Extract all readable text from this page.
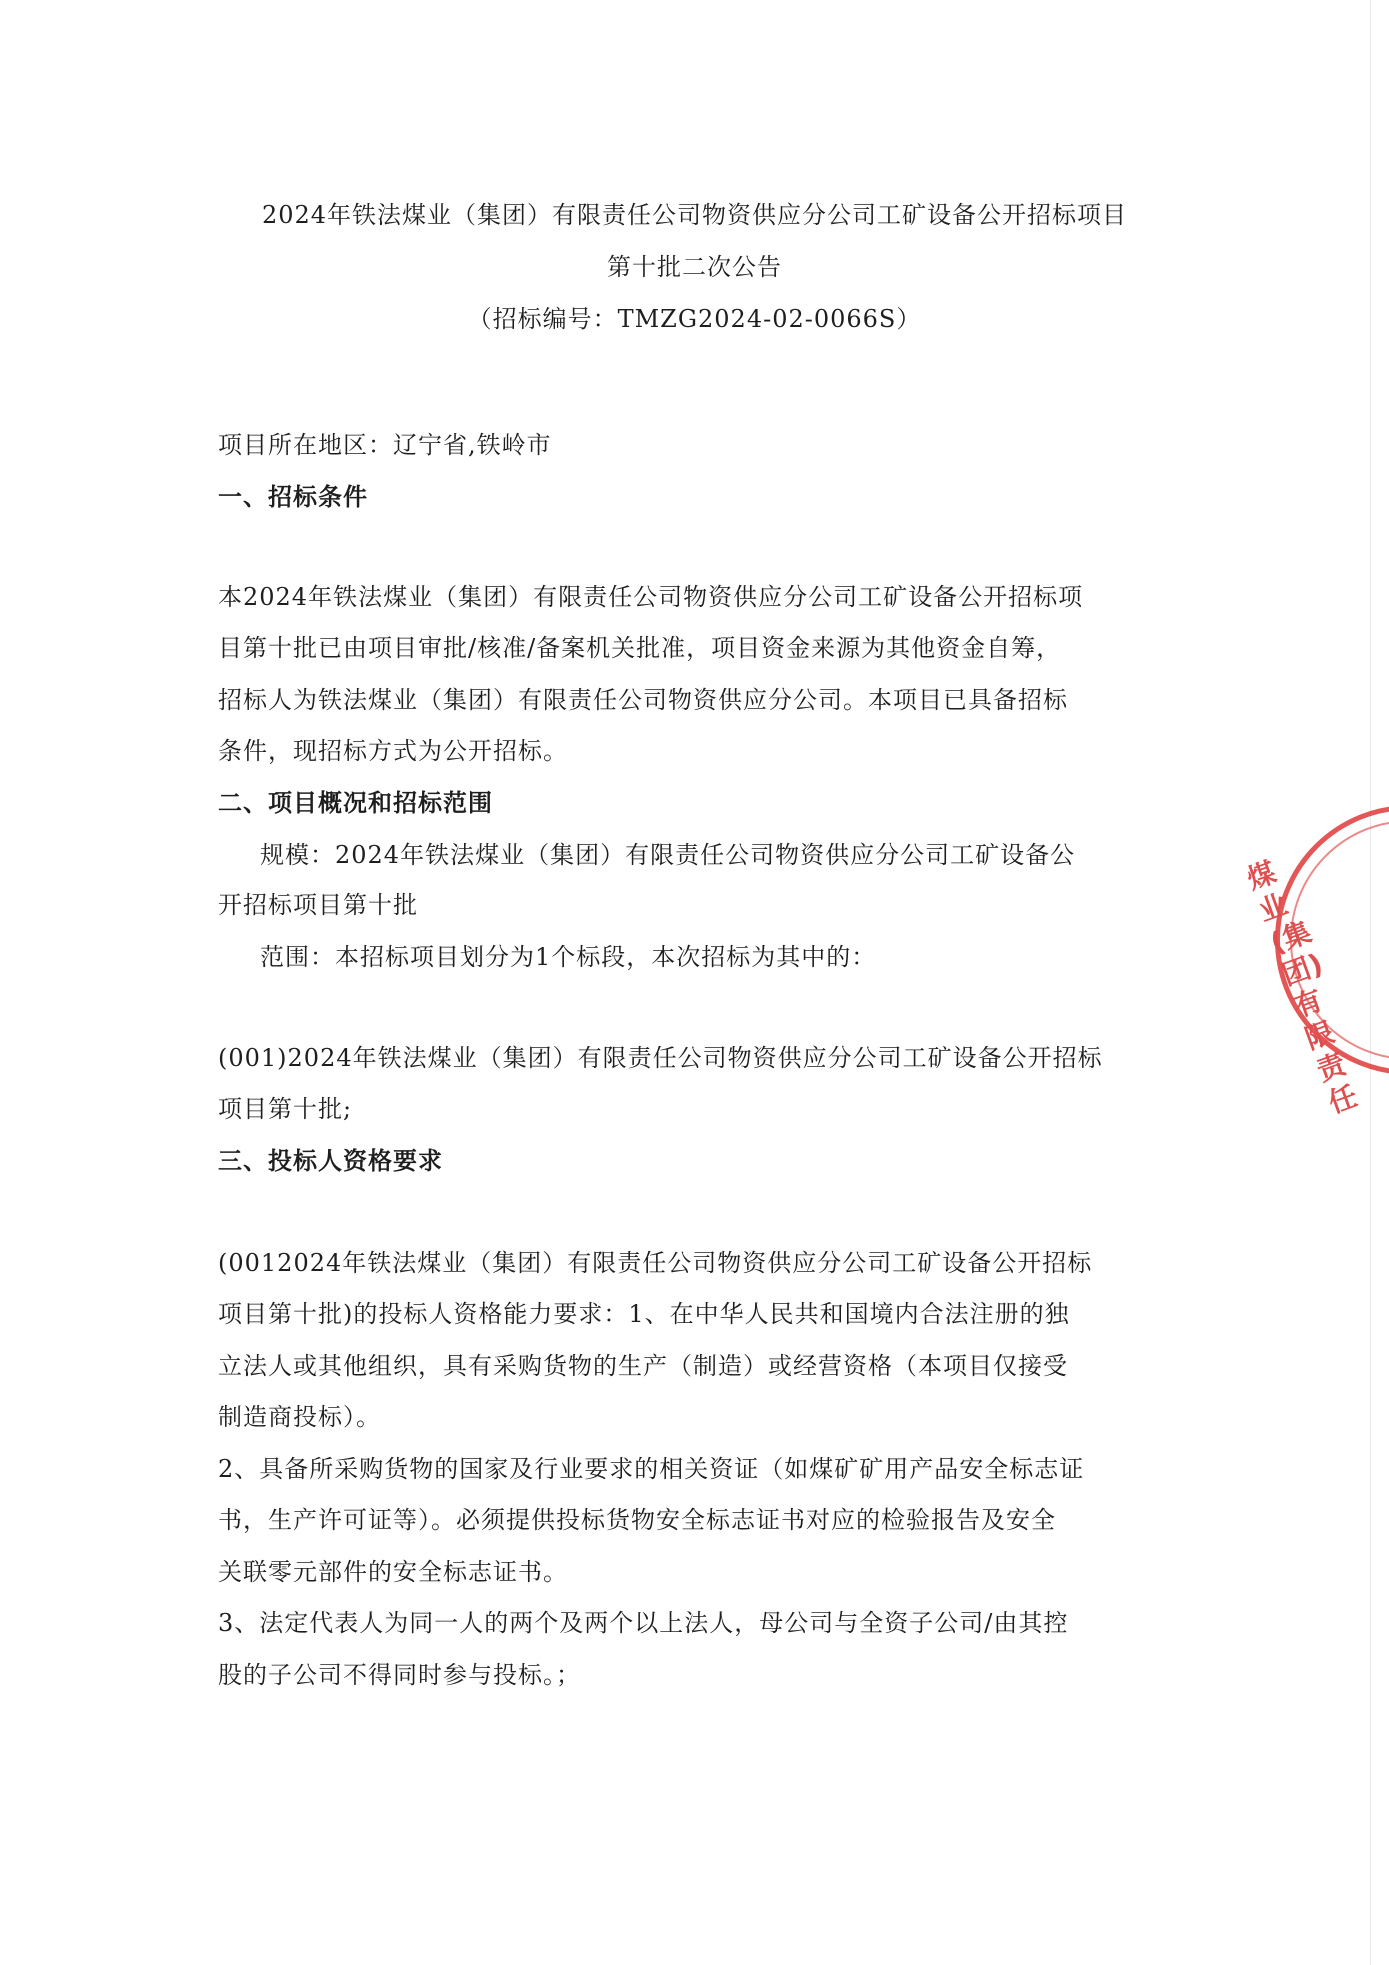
2024年铁法煤业（集团）有限责任公司物资供应分公司工矿设备公开招标项目
第十批二次公告
（招标编号：TMZG2024-02-0066S）
项目所在地区：辽宁省,铁岭市
一、招标条件
本2024年铁法煤业（集团）有限责任公司物资供应分公司工矿设备公开招标项
目第十批已由项目审批/核准/备案机关批准，项目资金来源为其他资金自筹，
招标人为铁法煤业（集团）有限责任公司物资供应分公司。本项目已具备招标
条件，现招标方式为公开招标。
二、项目概况和招标范围
规模：2024年铁法煤业（集团）有限责任公司物资供应分公司工矿设备公
开招标项目第十批
范围：本招标项目划分为1个标段，本次招标为其中的：
(001)2024年铁法煤业（集团）有限责任公司物资供应分公司工矿设备公开招标
项目第十批;
三、投标人资格要求
(0012024年铁法煤业（集团）有限责任公司物资供应分公司工矿设备公开招标
项目第十批)的投标人资格能力要求：1、在中华人民共和国境内合法注册的独
立法人或其他组织，具有采购货物的生产（制造）或经营资格（本项目仅接受
制造商投标）。
2、具备所采购货物的国家及行业要求的相关资证（如煤矿矿用产品安全标志证
书，生产许可证等）。必须提供投标货物安全标志证书对应的检验报告及安全
关联零元部件的安全标志证书。
3、法定代表人为同一人的两个及两个以上法人，母公司与全资子公司/由其控
股的子公司不得同时参与投标。；
煤业(集团)有限责任
